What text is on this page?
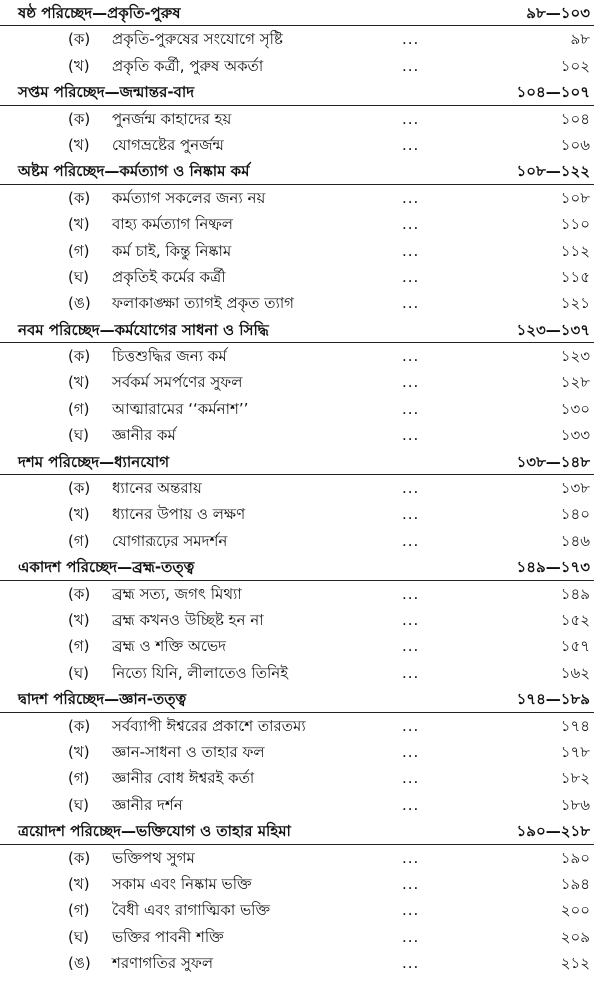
ষষ্ঠ পরিচ্ছেদ—প্রকৃতি-পুরুষ	৯৮—১০৩
(ক) প্রকৃতি-পুরুষের সংযোগে সৃষ্টি	...	৯৮
(খ) প্রকৃতি কর্ত্রী, পুরুষ অকর্তা	...	১০২
সপ্তম পরিচ্ছেদ—জন্মান্তর-বাদ	১০৪—১০৭
(ক) পুনর্জন্ম কাহাদের হয়	...	১০৪
(খ) যোগভ্রষ্টের পুনর্জন্ম	...	১০৬
অষ্টম পরিচ্ছেদ—কর্মত্যাগ ও নিষ্কাম কর্ম	১০৮—১২২
(ক) কর্মত্যাগ সকলের জন্য নয়	...	১০৮
(খ) বাহ্য কর্মত্যাগ নিষ্ফল	...	১১০
(গ) কর্ম চাই, কিন্তু নিষ্কাম	...	১১২
(ঘ) প্রকৃতিই কর্মের কর্ত্রী	...	১১৫
(ঙ) ফলাকাঙ্ক্ষা ত্যাগই প্রকৃত ত্যাগ	...	১২১
নবম পরিচ্ছেদ—কর্মযোগের সাধনা ও সিদ্ধি	১২৩—১৩৭
(ক) চিত্তশুদ্ধির জন্য কর্ম	...	১২৩
(খ) সর্বকর্ম সমর্পণের সুফল	...	১২৮
(গ) আত্মারামের ‘‘কর্মনাশ’’	...	১৩০
(ঘ) জ্ঞানীর কর্ম	...	১৩৩
দশম পরিচ্ছেদ—ধ্যানযোগ	১৩৮—১৪৮
(ক) ধ্যানের অন্তরায়	...	১৩৮
(খ) ধ্যানের উপায় ও লক্ষণ	...	১৪০
(গ) যোগারূঢ়ের সমদর্শন	...	১৪৬
একাদশ পরিচ্ছেদ—ব্রহ্ম-তত্ত্ব	১৪৯—১৭৩
(ক) ব্রহ্ম সত্য, জগৎ মিথ্যা	...	১৪৯
(খ) ব্রহ্ম কখনও উচ্ছিষ্ট হন না	...	১৫২
(গ) ব্রহ্ম ও শক্তি অভেদ	...	১৫৭
(ঘ) নিত্যে যিনি, লীলাতেও তিনিই	...	১৬২
দ্বাদশ পরিচ্ছেদ—জ্ঞান-তত্ত্ব	১৭৪—১৮৯
(ক) সর্বব্যাপী ঈশ্বরের প্রকাশে তারতম্য	...	১৭৪
(খ) জ্ঞান-সাধনা ও তাহার ফল	...	১৭৮
(গ) জ্ঞানীর বোধ ঈশ্বরই কর্তা	...	১৮২
(ঘ) জ্ঞানীর দর্শন	...	১৮৬
ত্রয়োদশ পরিচ্ছেদ—ভক্তিযোগ ও তাহার মহিমা	১৯০—২১৮
(ক) ভক্তিপথ সুগম	...	১৯০
(খ) সকাম এবং নিষ্কাম ভক্তি	...	১৯৪
(গ) বৈধী এবং রাগাত্মিকা ভক্তি	...	২০০
(ঘ) ভক্তির পাবনী শক্তি	...	২০৯
(ঙ) শরণাগতির সুফল	...	২১২
